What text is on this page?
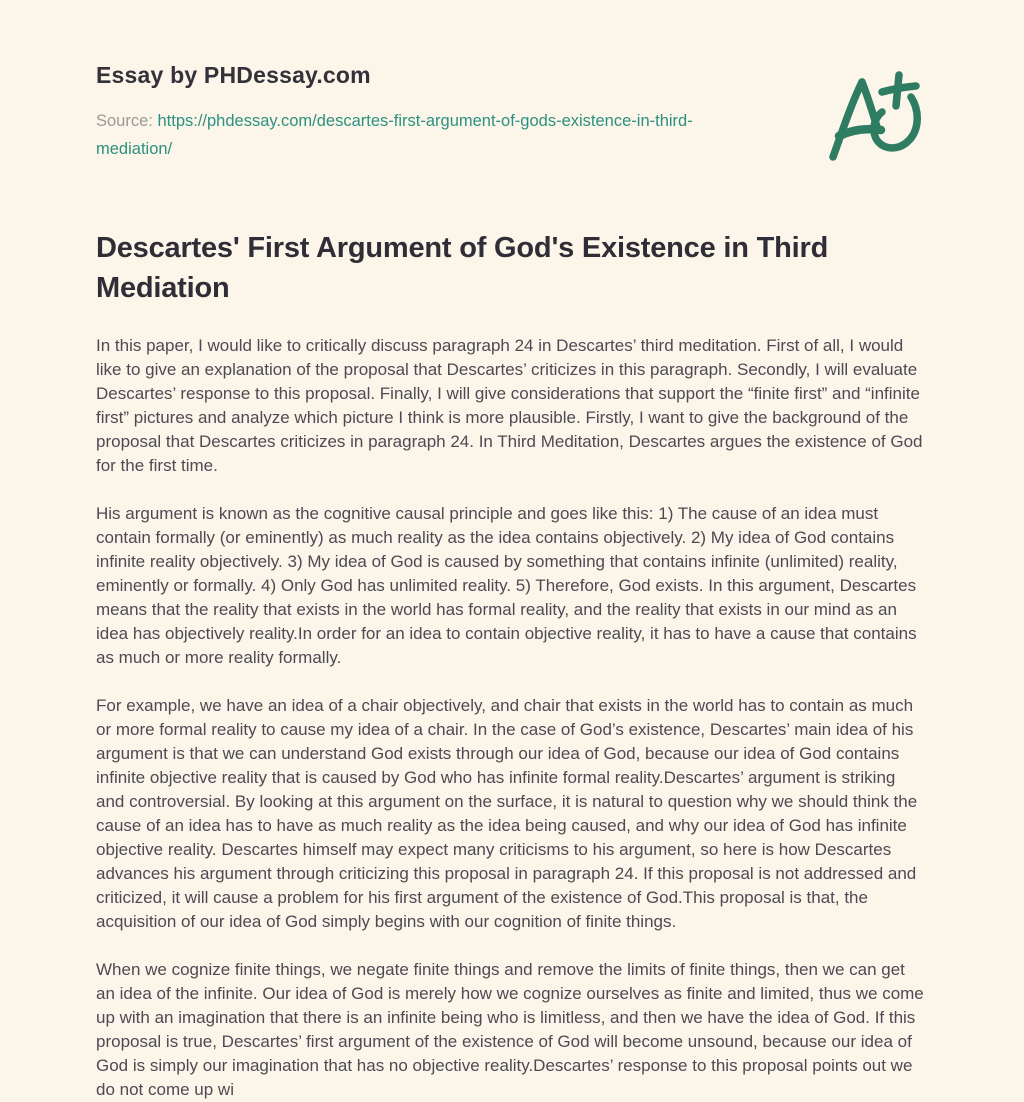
Essay by PHDessay.com

Source: https://phdessay.com/descartes-first-argument-of-gods-existence-in-third-mediation/

Descartes' First Argument of God's Existence in Third Mediation

In this paper, I would like to critically discuss paragraph 24 in Descartes’ third meditation. First of all, I would like to give an explanation of the proposal that Descartes’ criticizes in this paragraph. Secondly, I will evaluate Descartes’ response to this proposal. Finally, I will give considerations that support the “finite first” and “infinite first” pictures and analyze which picture I think is more plausible. Firstly, I want to give the background of the proposal that Descartes criticizes in paragraph 24. In Third Meditation, Descartes argues the existence of God for the first time.

His argument is known as the cognitive causal principle and goes like this: 1) The cause of an idea must contain formally (or eminently) as much reality as the idea contains objectively. 2) My idea of God contains infinite reality objectively. 3) My idea of God is caused by something that contains infinite (unlimited) reality, eminently or formally. 4) Only God has unlimited reality. 5) Therefore, God exists. In this argument, Descartes means that the reality that exists in the world has formal reality, and the reality that exists in our mind as an idea has objectively reality.In order for an idea to contain objective reality, it has to have a cause that contains as much or more reality formally.

For example, we have an idea of a chair objectively, and chair that exists in the world has to contain as much or more formal reality to cause my idea of a chair. In the case of God’s existence, Descartes’ main idea of his argument is that we can understand God exists through our idea of God, because our idea of God contains infinite objective reality that is caused by God who has infinite formal reality.Descartes’ argument is striking and controversial. By looking at this argument on the surface, it is natural to question why we should think the cause of an idea has to have as much reality as the idea being caused, and why our idea of God has infinite objective reality. Descartes himself may expect many criticisms to his argument, so here is how Descartes advances his argument through criticizing this proposal in paragraph 24. If this proposal is not addressed and criticized, it will cause a problem for his first argument of the existence of God.This proposal is that, the acquisition of our idea of God simply begins with our cognition of finite things.

When we cognize finite things, we negate finite things and remove the limits of finite things, then we can get an idea of the infinite. Our idea of God is merely how we cognize ourselves as finite and limited, thus we come up with an imagination that there is an infinite being who is limitless, and then we have the idea of God. If this proposal is true, Descartes’ first argument of the existence of God will become unsound, because our idea of God is simply our imagination that has no objective reality.Descartes’ response to this proposal points out we do not come up wi
